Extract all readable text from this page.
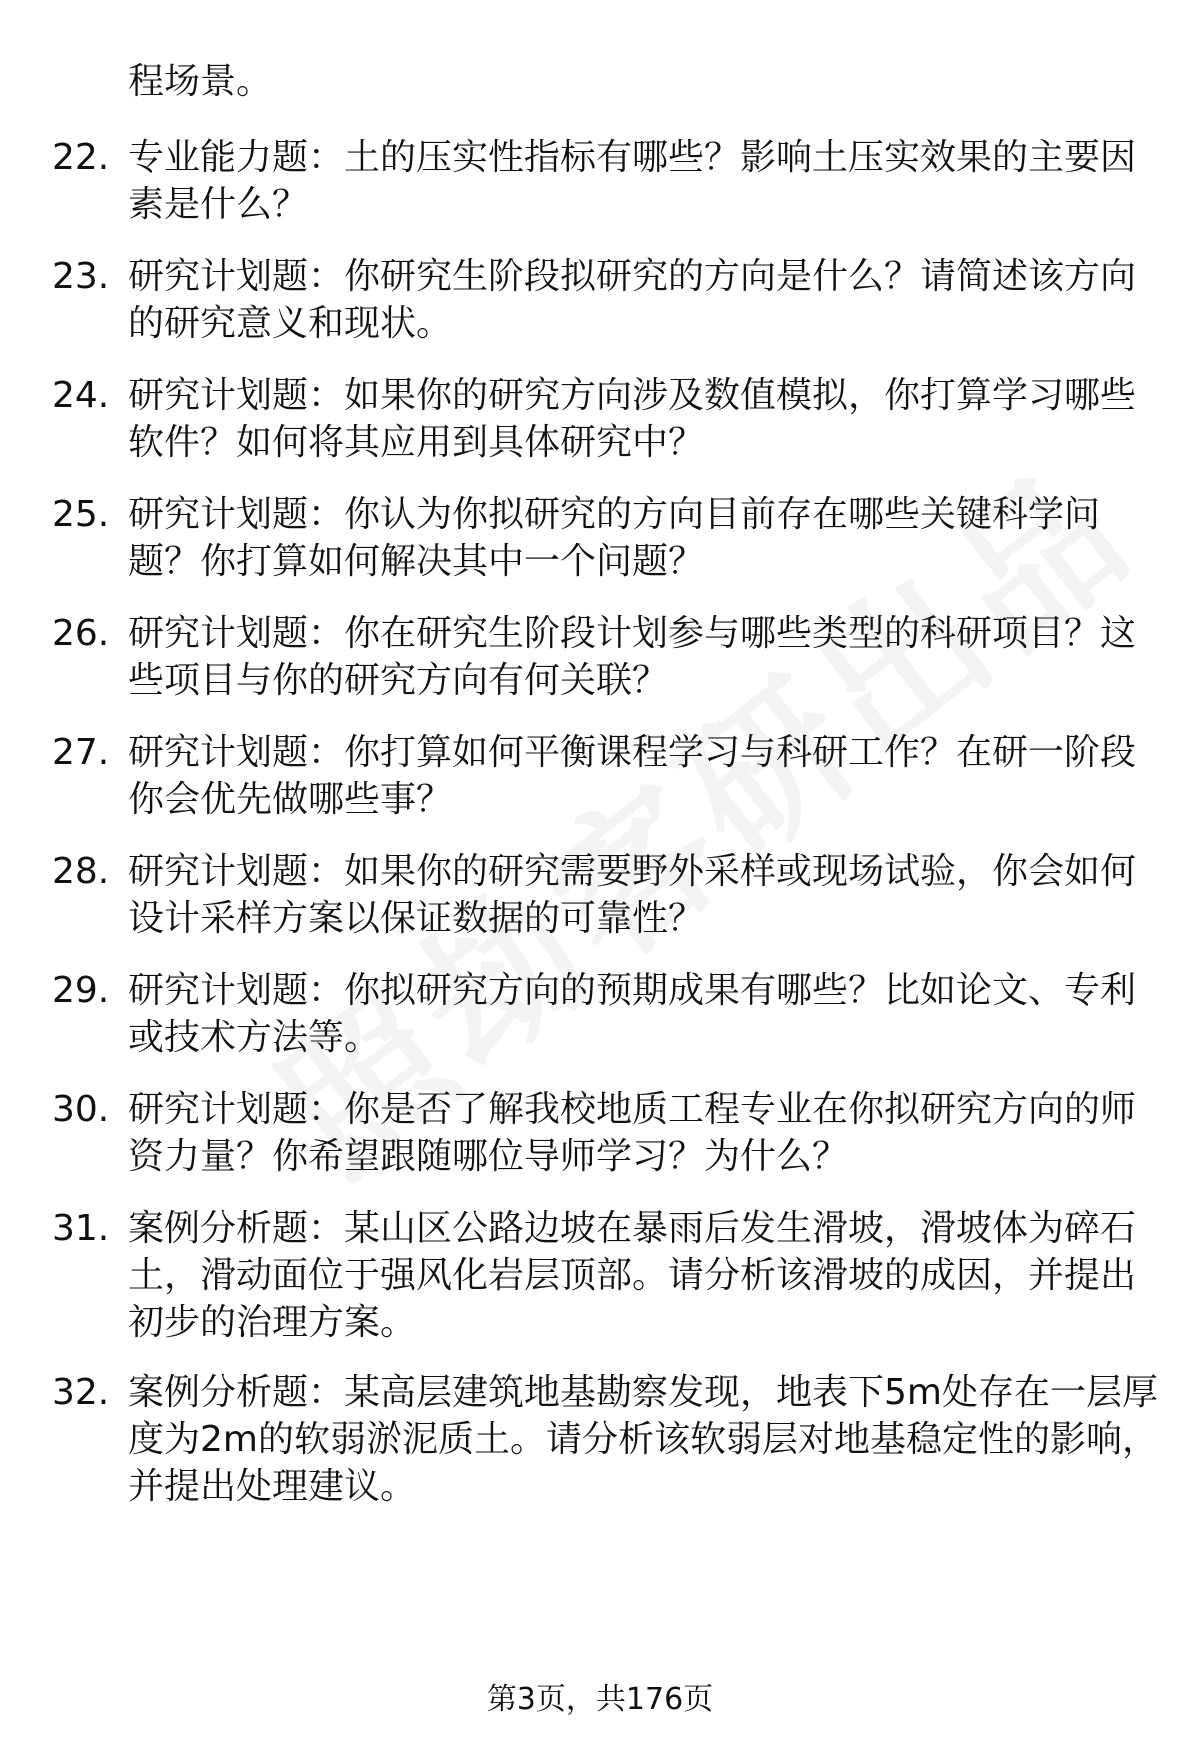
程场景。
22. 专业能力题：土的压实性指标有哪些？影响土压实效果的主要因素是什么？
23. 研究计划题：你研究生阶段拟研究的方向是什么？请简述该方向的研究意义和现状。
24. 研究计划题：如果你的研究方向涉及数值模拟，你打算学习哪些软件？如何将其应用到具体研究中？
25. 研究计划题：你认为你拟研究的方向目前存在哪些关键科学问题？你打算如何解决其中一个问题？
26. 研究计划题：你在研究生阶段计划参与哪些类型的科研项目？这些项目与你的研究方向有何关联？
27. 研究计划题：你打算如何平衡课程学习与科研工作？在研一阶段你会优先做哪些事？
28. 研究计划题：如果你的研究需要野外采样或现场试验，你会如何设计采样方案以保证数据的可靠性？
29. 研究计划题：你拟研究方向的预期成果有哪些？比如论文、专利或技术方法等。
30. 研究计划题：你是否了解我校地质工程专业在你拟研究方向的师资力量？你希望跟随哪位导师学习？为什么？
31. 案例分析题：某山区公路边坡在暴雨后发生滑坡，滑坡体为碎石土，滑动面位于强风化岩层顶部。请分析该滑坡的成因，并提出初步的治理方案。
32. 案例分析题：某高层建筑地基勘察发现，地表下5m处存在一层厚度为2m的软弱淤泥质土。请分析该软弱层对地基稳定性的影响，并提出处理建议。
第3页，共176页
